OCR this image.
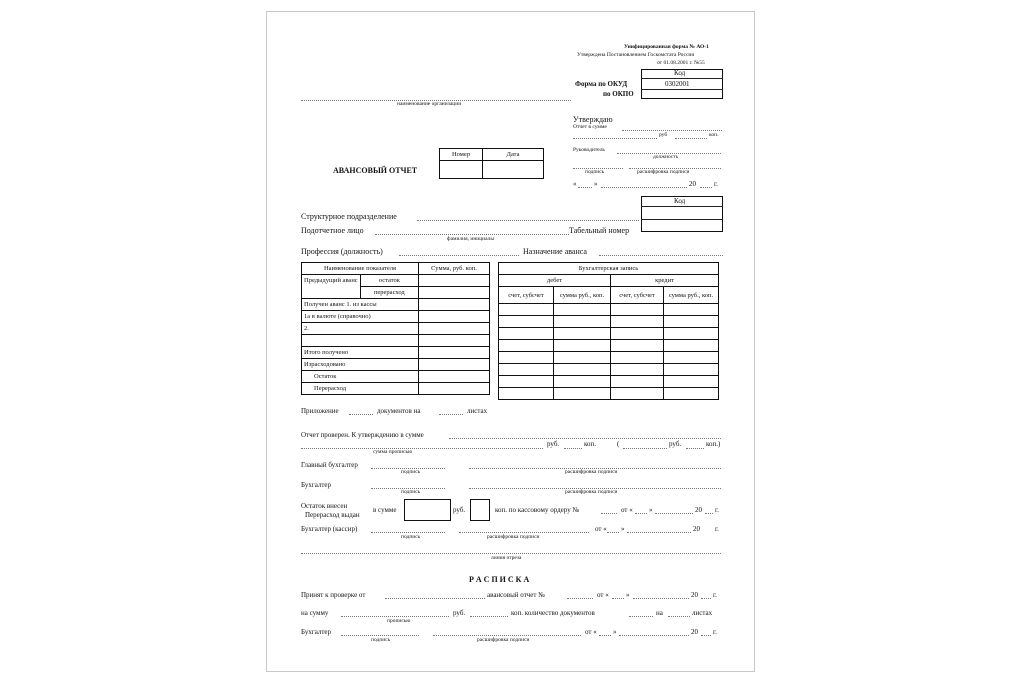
Унифицированная форма № АО-1
Утверждена Постановлением Госкомстата России
от 01.08.2001 г. №55
Код
Форма по ОКУД	0302001
по ОКПО
наименование организации
Утверждаю
Отчет в сумме
руб	коп.
Руководитель
должность
подпись	расшифровка подписи
«	»	20	г.
АВАНСОВЫЙ ОТЧЕТ
Номер	Дата

Код
Структурное подразделение
Подотчетное лицо	Табельный номер
фамилия, инициалы
Профессия (должность)	Назначение аванса
Наименование показателя		Сумма, руб. коп.
Предыдущий аванс	остаток	
	перерасход	
Получен аванс 1. из кассы		
1а в валюте (справочно)		
2.		

Итого получено		
Израсходовано		
Остаток		
Перерасход		
Бухгалтерская запись			
дебет		кредит	
счет, субсчет	сумма руб., коп.	счет, субсчет	сумма руб., коп.

Приложение	документов на	листах
Отчет проверен. К утверждению в сумме
руб.	коп.	(	руб.	коп.)
сумма прописью
Главный бухгалтер
подпись	расшифровка подписи
Бухгалтер
подпись	расшифровка подписи
Остаток внесен
Перерасход выдан
в сумме	руб.	коп. по кассовому ордеру №	от « »	20 г.
Бухгалтер (кассир)	от « »	20 г.
подпись	расшифровка подписи
линия отреза
Р А С П И С К А
Принят к проверке от	авансовый отчет №	от « »	20 г.
на сумму	руб.	коп. количество документов	на	листах
прописью
Бухгалтер	от « »	20 г.
подпись	расшифровка подписи
